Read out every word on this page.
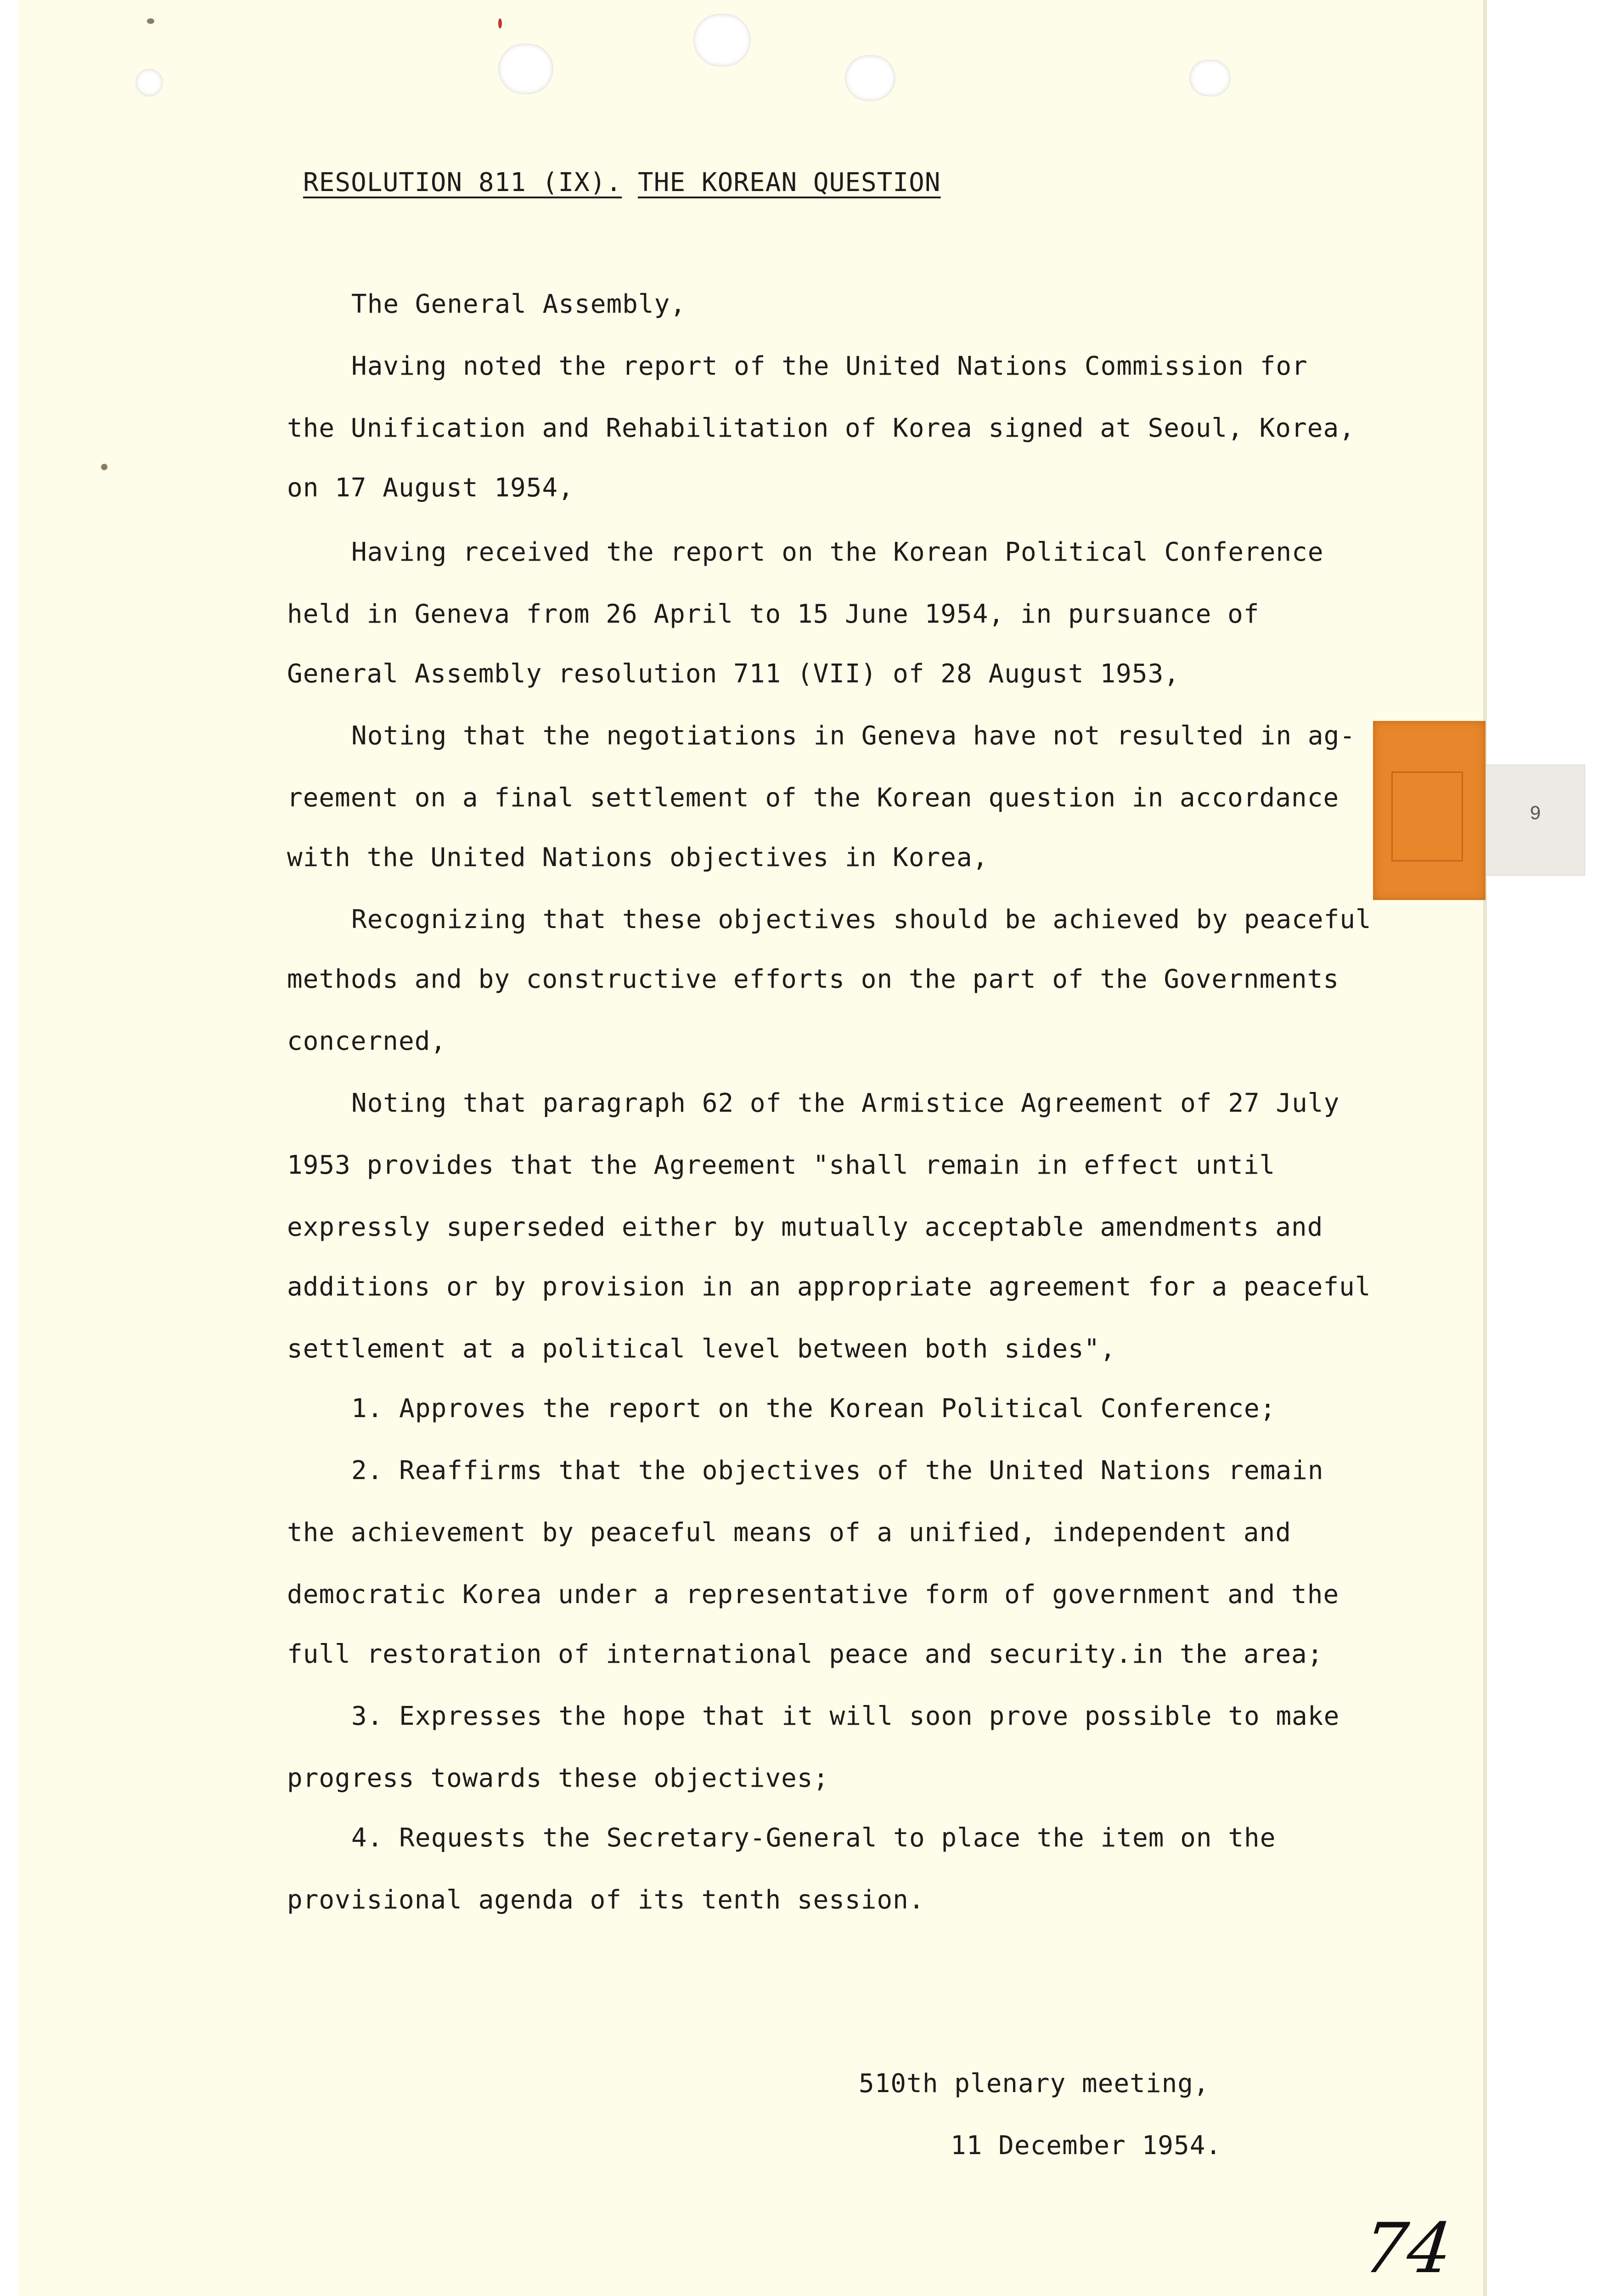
RESOLUTION 811 (IX). THE KOREAN QUESTION
The General Assembly,
Having noted the report of the United Nations Commission for
the Unification and Rehabilitation of Korea signed at Seoul, Korea,
on 17 August 1954,
Having received the report on the Korean Political Conference
held in Geneva from 26 April to 15 June 1954, in pursuance of
General Assembly resolution 711 (VII) of 28 August 1953,
Noting that the negotiations in Geneva have not resulted in ag-
reement on a final settlement of the Korean question in accordance
with the United Nations objectives in Korea,
Recognizing that these objectives should be achieved by peaceful
methods and by constructive efforts on the part of the Governments
concerned,
Noting that paragraph 62 of the Armistice Agreement of 27 July
1953 provides that the Agreement "shall remain in effect until
expressly superseded either by mutually acceptable amendments and
additions or by provision in an appropriate agreement for a peaceful
settlement at a political level between both sides",
1. Approves the report on the Korean Political Conference;
2. Reaffirms that the objectives of the United Nations remain
the achievement by peaceful means of a unified, independent and
democratic Korea under a representative form of government and the
full restoration of international peace and security.in the area;
3. Expresses the hope that it will soon prove possible to make
progress towards these objectives;
4. Requests the Secretary-General to place the item on the
provisional agenda of its tenth session.
510th plenary meeting,
11 December 1954.
74
9
